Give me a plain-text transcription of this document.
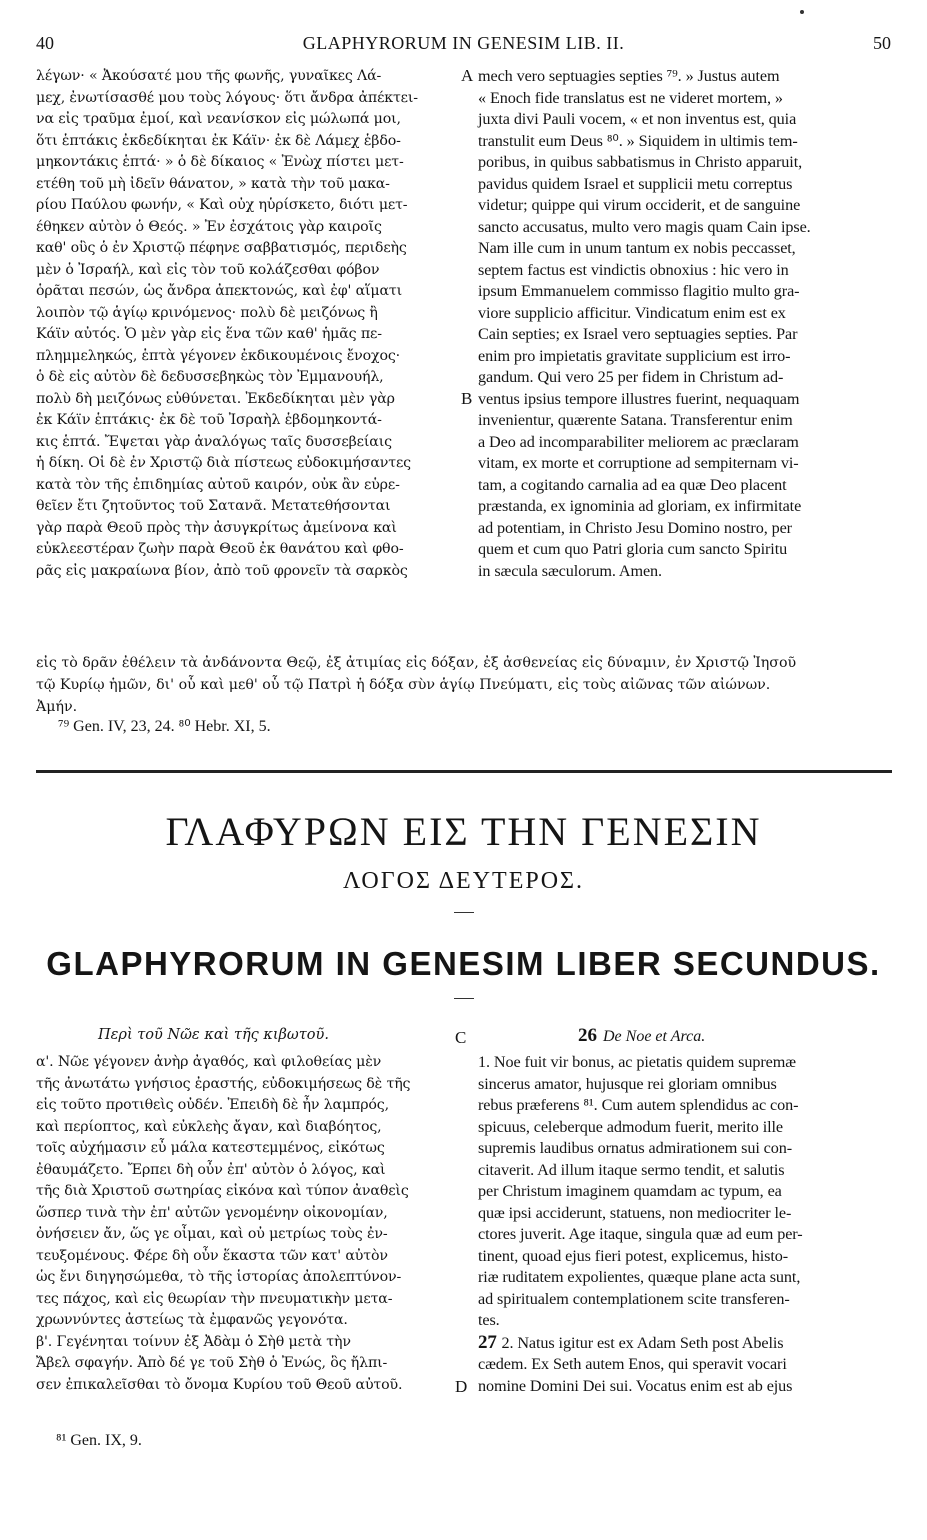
40	GLAPHYRORUM IN GENESIM LIB. II.	50
λέγων· « Ἀκούσατέ μου τῆς φωνῆς, γυναῖκες Λά-
μεχ, ἐνωτίσασθέ μου τοὺς λόγους· ὅτι ἄνδρα ἀπέκτει-
να εἰς τραῦμα ἐμοί, καὶ νεανίσκον εἰς μώλωπά μοι,
ὅτι ἑπτάκις ἐκδεδίκηται ἐκ Κάϊν· ἐκ δὲ Λάμεχ ἑβδο-
μηκοντάκις ἑπτά· » ὁ δὲ δίκαιος « Ἐνὼχ πίστει μετ-
ετέθη τοῦ μὴ ἰδεῖν θάνατον, » κατὰ τὴν τοῦ μακα-
ρίου Παύλου φωνήν, « Καὶ οὐχ ηὑρίσκετο, διότι μετ-
έθηκεν αὐτὸν ὁ Θεός. » Ἐν ἐσχάτοις γὰρ καιροῖς
καθ' οὓς ὁ ἐν Χριστῷ πέφηνε σαββατισμός, περιδεὴς
μὲν ὁ Ἰσραήλ, καὶ εἰς τὸν τοῦ κολάζεσθαι φόβον
ὁρᾶται πεσών, ὡς ἄνδρα ἀπεκτονώς, καὶ ἐφ' αἵματι
λοιπὸν τῷ ἁγίῳ κρινόμενος· πολὺ δὲ μειζόνως ἢ
Κάϊν αὐτός. Ὁ μὲν γὰρ εἰς ἕνα τῶν καθ' ἡμᾶς πε-
πλημμεληκώς, ἑπτὰ γέγονεν ἐκδικουμένοις ἔνοχος·
ὁ δὲ εἰς αὐτὸν δὲ δεδυσσεβηκὼς τὸν Ἐμμανουήλ,
πολὺ δὴ μειζόνως εὐθύνεται. Ἐκδεδίκηται μὲν γὰρ
ἐκ Κάϊν ἑπτάκις· ἐκ δὲ τοῦ Ἰσραὴλ ἑβδομηκοντά-
κις ἑπτά. Ἔψεται γὰρ ἀναλόγως ταῖς δυσσεβείαις
ἡ δίκη. Οἱ δὲ ἐν Χριστῷ διὰ πίστεως εὐδοκιμήσαντες
κατὰ τὸν τῆς ἐπιδημίας αὐτοῦ καιρόν, οὐκ ἂν εὑρε-
θεῖεν ἔτι ζητοῦντος τοῦ Σατανᾶ. Μετατεθήσονται
γὰρ παρὰ Θεοῦ πρὸς τὴν ἀσυγκρίτως ἀμείνονα καὶ
εὐκλεεστέραν ζωὴν παρὰ Θεοῦ ἐκ θανάτου καὶ φθο-
ρᾶς εἰς μακραίωνα βίον, ἀπὸ τοῦ φρονεῖν τὰ σαρκὸς
mech vero septuagies septies ⁷⁹. » Justus autem
« Enoch fide translatus est ne videret mortem, »
juxta divi Pauli vocem, « et non inventus est, quia
transtulit eum Deus ⁸⁰. » Siquidem in ultimis tem-
poribus, in quibus sabbatismus in Christo apparuit,
pavidus quidem Israel et supplicii metu correptus
videtur; quippe qui virum occiderit, et de sanguine
sancto accusatus, multo vero magis quam Cain ipse.
Nam ille cum in unum tantum ex nobis peccasset,
septem factus est vindictis obnoxius : hic vero in
ipsum Emmanuelem commisso flagitio multo gra-
viore supplicio afficitur. Vindicatum enim est ex
Cain septies; ex Israel vero septuagies septies. Par
enim pro impietatis gravitate supplicium est irro-
gandum. Qui vero 25 per fidem in Christum ad-
ventus ipsius tempore illustres fuerint, nequaquam
invenientur, quærente Satana. Transferentur enim
a Deo ad incomparabiliter meliorem ac præclaram
vitam, ex morte et corruptione ad sempiternam vi-
tam, a cogitando carnalia ad ea quæ Deo placent
præstanda, ex ignominia ad gloriam, ex infirmitate
ad potentiam, in Christo Jesu Domino nostro, per
quem et cum quo Patri gloria cum sancto Spiritu
in sæcula sæculorum. Amen.
A
B
C
D
εἰς τὸ δρᾶν ἐθέλειν τὰ ἀνδάνοντα Θεῷ, ἐξ ἀτιμίας εἰς δόξαν, ἐξ ἀσθενείας εἰς δύναμιν, ἐν Χριστῷ Ἰησοῦ
τῷ Κυρίῳ ἡμῶν, δι' οὗ καὶ μεθ' οὗ τῷ Πατρὶ ἡ δόξα σὺν ἁγίῳ Πνεύματι, εἰς τοὺς αἰῶνας τῶν αἰώνων.
Ἀμήν.
⁷⁹ Gen. IV, 23, 24. ⁸⁰ Hebr. XI, 5.
ΓΛΑΦΥΡΩΝ ΕΙΣ ΤΗΝ ΓΕΝΕΣΙΝ
ΛΟΓΟΣ ΔΕΥΤΕΡΟΣ.
GLAPHYRORUM IN GENESIM LIBER SECUNDUS.
Περὶ τοῦ Νῶε καὶ τῆς κιβωτοῦ.	26 De Noe et Arca.
α'. Νῶε γέγονεν ἀνὴρ ἀγαθός, καὶ φιλοθείας μὲν
τῆς ἀνωτάτω γνήσιος ἐραστής, εὐδοκιμήσεως δὲ τῆς
εἰς τοῦτο προτιθεὶς οὐδέν. Ἐπειδὴ δὲ ἦν λαμπρός,
καὶ περίοπτος, καὶ εὐκλεὴς ἄγαν, καὶ διαβόητος,
τοῖς αὐχήμασιν εὖ μάλα κατεστεμμένος, εἰκότως
ἐθαυμάζετο. Ἔρπει δὴ οὖν ἐπ' αὐτὸν ὁ λόγος, καὶ
τῆς διὰ Χριστοῦ σωτηρίας εἰκόνα καὶ τύπον ἀναθεὶς
ὥσπερ τινὰ τὴν ἐπ' αὐτῶν γενομένην οἰκονομίαν,
ὀνήσειεν ἄν, ὥς γε οἶμαι, καὶ οὐ μετρίως τοὺς ἐν-
τευξομένους. Φέρε δὴ οὖν ἕκαστα τῶν κατ' αὐτὸν
ὡς ἔνι διηγησώμεθα, τὸ τῆς ἱστορίας ἀπολεπτύνον-
τες πάχος, καὶ εἰς θεωρίαν τὴν πνευματικὴν μετα-
χρωννύντες ἀστείως τὰ ἐμφανῶς γεγονότα.
β'. Γεγένηται τοίνυν ἐξ Ἀδὰμ ὁ Σὴθ μετὰ τὴν
Ἄβελ σφαγήν. Ἀπὸ δέ γε τοῦ Σὴθ ὁ Ἐνώς, ὃς ἤλπι-
σεν ἐπικαλεῖσθαι τὸ ὄνομα Κυρίου τοῦ Θεοῦ αὐτοῦ.
1. Noe fuit vir bonus, ac pietatis quidem supremæ
sincerus amator, hujusque rei gloriam omnibus
rebus præferens ⁸¹. Cum autem splendidus ac con-
spicuus, celeberque admodum fuerit, merito ille
supremis laudibus ornatus admirationem sui con-
citaverit. Ad illum itaque sermo tendit, et salutis
per Christum imaginem quamdam ac typum, ea
quæ ipsi acciderunt, statuens, non mediocriter le-
ctores juverit. Age itaque, singula quæ ad eum per-
tinent, quoad ejus fieri potest, explicemus, histo-
riæ ruditatem expolientes, quæque plane acta sunt,
ad spiritualem contemplationem scite transferen-
tes.
27 2. Natus igitur est ex Adam Seth post Abelis
cædem. Ex Seth autem Enos, qui speravit vocari
nomine Domini Dei sui. Vocatus enim est ab ejus
⁸¹ Gen. IX, 9.
